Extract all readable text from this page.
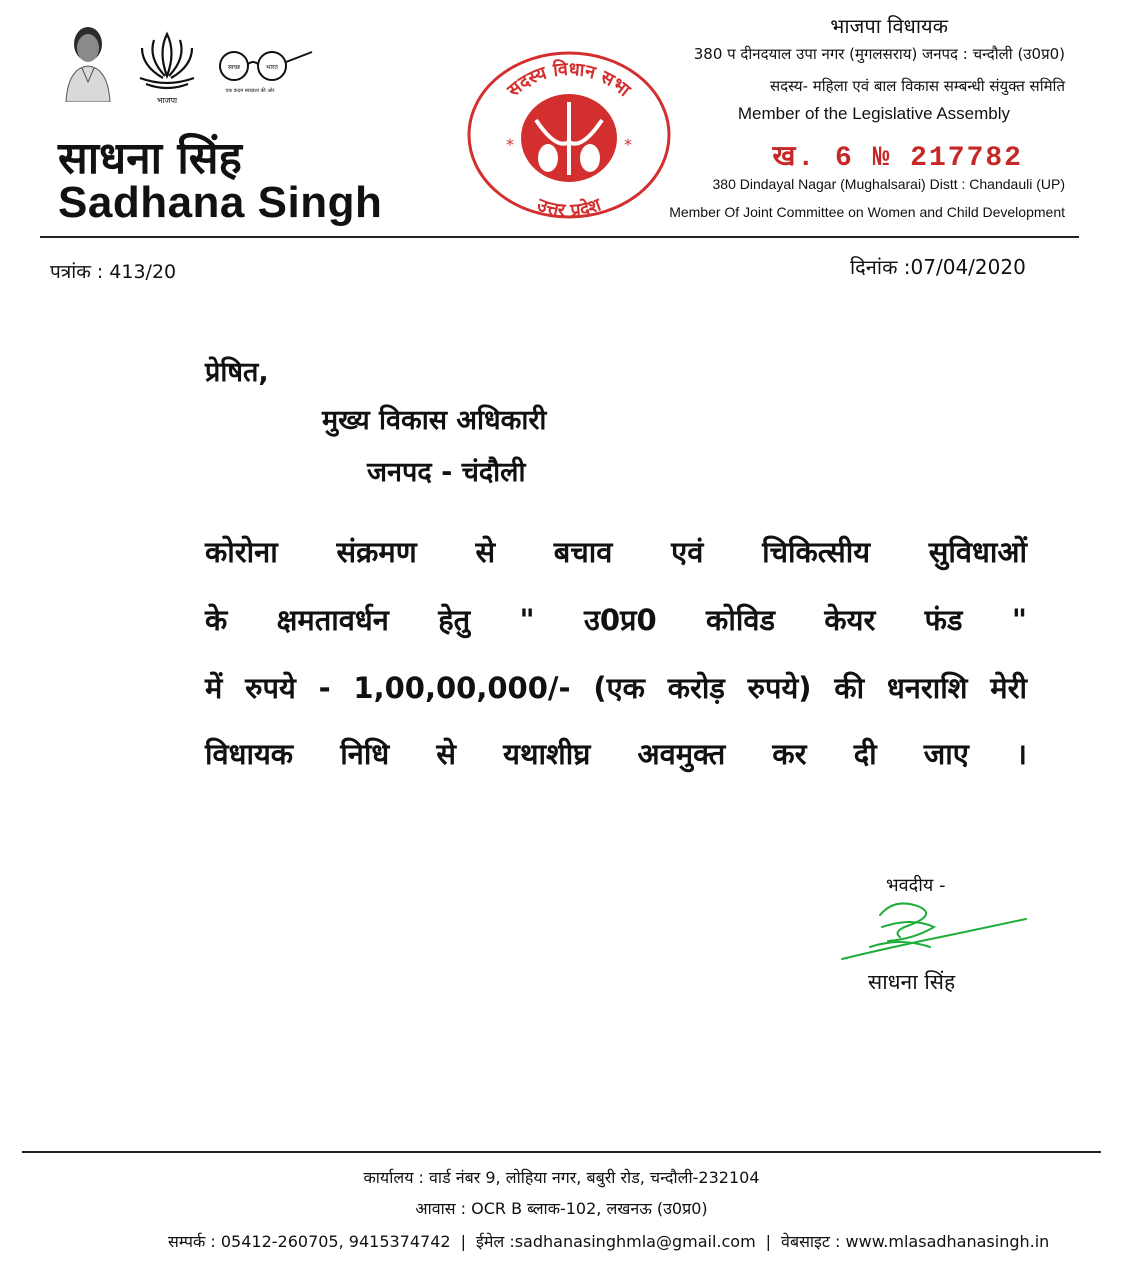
भाजपा
स्वच्छ	भारत
एक कदम स्वच्छता की ओर
साधना सिंह
Sadhana Singh
*	*
सदस्य विधान सभा
उत्तर प्रदेश
भाजपा विधायक
380 प दीनदयाल उपा नगर (मुगलसराय) जनपद : चन्दौली (उ0प्र0)
सदस्य- महिला एवं बाल विकास सम्बन्धी संयुक्त समिति
Member of the Legislative Assembly
ख. 6 № 217782
380 Dindayal Nagar (Mughalsarai) Distt : Chandauli (UP)
Member Of Joint Committee on Women and Child Development
पत्रांक : 413/20	दिनांक :07/04/2020
प्रेषित,
मुख्य विकास अधिकारी
जनपद - चंदौली
कोरोना संक्रमण से बचाव एवं चिकित्सीय सुविधाओं
के क्षमतावर्धन हेतु " उ0प्र0 कोविड केयर फंड "
में रुपये - 1,00,00,000/- (एक करोड़ रुपये) की धनराशि मेरी
विधायक निधि से यथाशीघ्र अवमुक्त कर दी जाए ।
भवदीय -
साधना सिंह
कार्यालय : वार्ड नंबर 9, लोहिया नगर, बबुरी रोड, चन्दौली-232104
आवास : OCR B ब्लाक-102, लखनऊ (उ0प्र0)
सम्पर्क : 05412-260705, 9415374742 | ईमेल :sadhanasinghmla@gmail.com | वेबसाइट : www.mlasadhanasingh.in
